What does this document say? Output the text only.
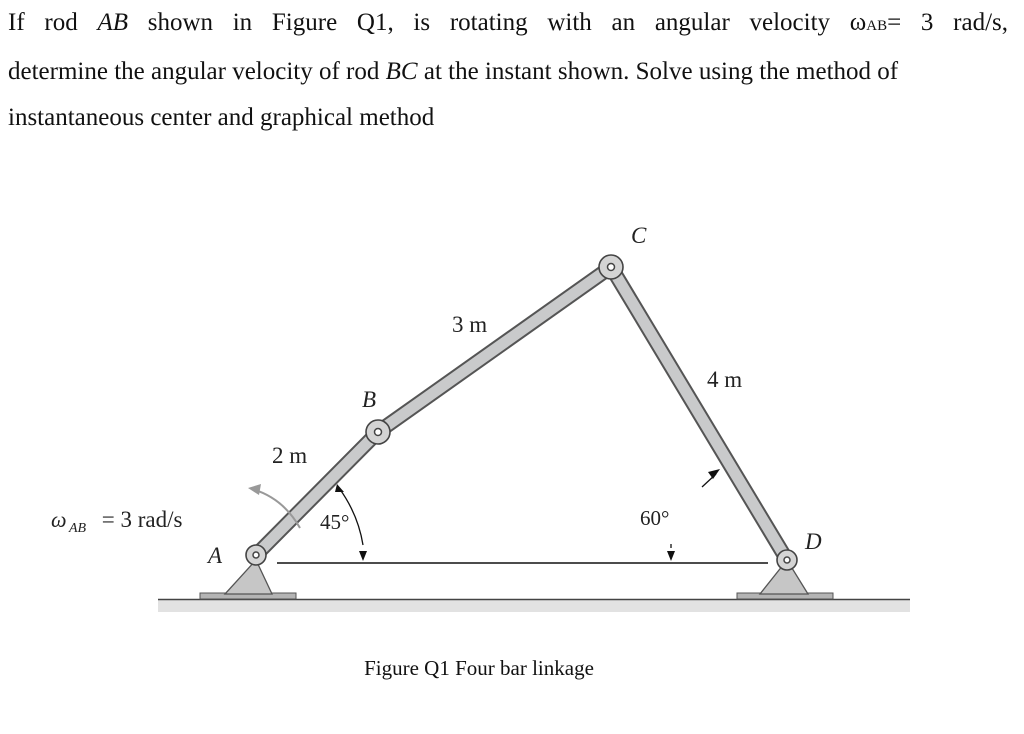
If rod AB shown in Figure Q1, is rotating with an angular velocity ωAB= 3 rad/s,
determine the angular velocity of rod BC at the instant shown. Solve using the method of
instantaneous center and graphical method
ω AB = 3 rad/s
A
B
C
D
2 m
3 m
4 m
45°	60°
Figure Q1 Four bar linkage
